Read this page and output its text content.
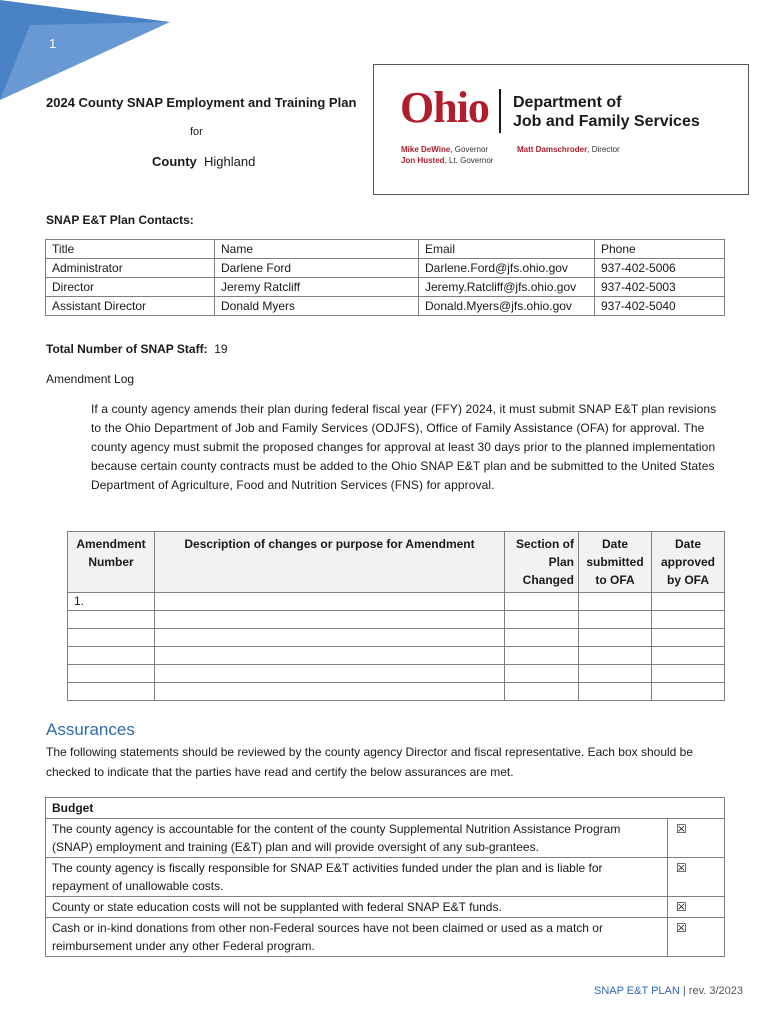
1
2024 County SNAP Employment and Training Plan
for
County Highland
Ohio Department of
Job and Family Services
Mike DeWine, Governor
Jon Husted, Lt. Governor
Matt Damschroder, Director
SNAP E&T Plan Contacts:
Title	Name	Email	Phone
Administrator	Darlene Ford	Darlene.Ford@jfs.ohio.gov	937-402-5006
Director	Jeremy Ratcliff	Jeremy.Ratcliff@jfs.ohio.gov	937-402-5003
Assistant Director	Donald Myers	Donald.Myers@jfs.ohio.gov	937-402-5040
Total Number of SNAP Staff: 19
Amendment Log
If a county agency amends their plan during federal fiscal year (FFY) 2024, it must submit SNAP E&T plan revisions to the Ohio Department of Job and Family Services (ODJFS), Office of Family Assistance (OFA) for approval. The county agency must submit the proposed changes for approval at least 30 days prior to the planned implementation because certain county contracts must be added to the Ohio SNAP E&T plan and be submitted to the United States Department of Agriculture, Food and Nutrition Services (FNS) for approval.
Amendment Number	Description of changes or purpose for Amendment	Section of Plan Changed	Date submitted to OFA	Date approved by OFA
1.				

Assurances
The following statements should be reviewed by the county agency Director and fiscal representative. Each box should be checked to indicate that the parties have read and certify the below assurances are met.
Budget	
The county agency is accountable for the content of the county Supplemental Nutrition Assistance Program (SNAP) employment and training (E&T) plan and will provide oversight of any sub-grantees.	☒
The county agency is fiscally responsible for SNAP E&T activities funded under the plan and is liable for repayment of unallowable costs.	☒
County or state education costs will not be supplanted with federal SNAP E&T funds.	☒
Cash or in-kind donations from other non-Federal sources have not been claimed or used as a match or reimbursement under any other Federal program.	☒
SNAP E&T PLAN | rev. 3/2023
